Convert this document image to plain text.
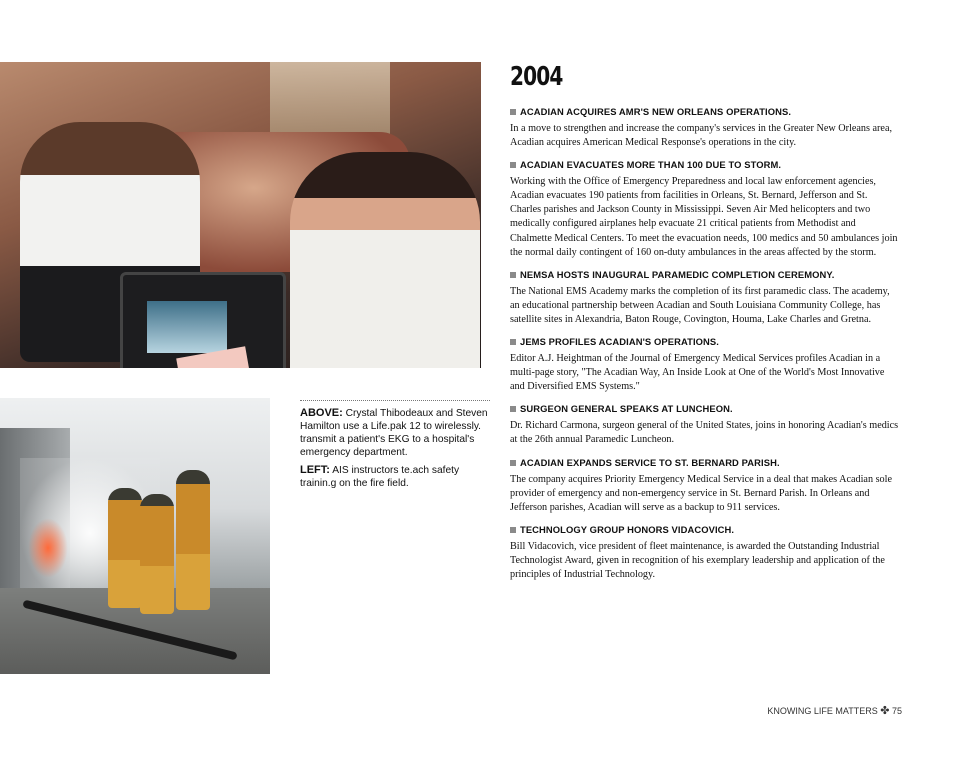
ABOVE: Crystal Thibodeaux and Steven Hamilton use a Life.pak 12 to wirelessly. transmit a patient's EKG to a hospital's emergency department.

LEFT: AIS instructors te.ach safety trainin.g on the fire field.

2004
ACADIAN ACQUIRES AMR'S NEW ORLEANS OPERATIONS.

In a move to strengthen and increase the company's services in the Greater New Orleans area, Acadian acquires American Medical Response's operations in the city.

ACADIAN EVACUATES MORE THAN 100 DUE TO STORM.

Working with the Office of Emergency Preparedness and local law enforcement agencies, Acadian evacuates 190 patients from facilities in Orleans, St. Bernard, Jefferson and St. Charles parishes and Jackson County in Mississippi. Seven Air Med helicopters and two medically configured airplanes help evacuate 21 critical patients from Methodist and Chalmette Medical Centers. To meet the evacuation needs, 100 medics and 50 ambulances join the normal daily contingent of 160 on-duty ambulances in the areas affected by the storm.

NEMSA HOSTS INAUGURAL PARAMEDIC COMPLETION CEREMONY.

The National EMS Academy marks the completion of its first paramedic class. The academy, an educational partnership between Acadian and South Louisiana Community College, has satellite sites in Alexandria, Baton Rouge, Covington, Houma, Lake Charles and Gretna.

JEMS PROFILES ACADIAN'S OPERATIONS.

Editor A.J. Heightman of the Journal of Emergency Medical Services profiles Acadian in a multi-page story, "The Acadian Way, An Inside Look at One of the World's Most Innovative and Diversified EMS Systems."

SURGEON GENERAL SPEAKS AT LUNCHEON.

Dr. Richard Carmona, surgeon general of the United States, joins in honoring Acadian's medics at the 26th annual Paramedic Luncheon.

ACADIAN EXPANDS SERVICE TO ST. BERNARD PARISH.

The company acquires Priority Emergency Medical Service in a deal that makes Acadian sole provider of emergency and non-emergency service in St. Bernard Parish. In Orleans and Jefferson parishes, Acadian will serve as a backup to 911 services.

TECHNOLOGY GROUP HONORS VIDACOVICH.

Bill Vidacovich, vice president of fleet maintenance, is awarded the Outstanding Industrial Technologist Award, given in recognition of his exemplary leadership and application of the principles of Industrial Technology.

KNOWING LIFE MATTERS ✤ 75
